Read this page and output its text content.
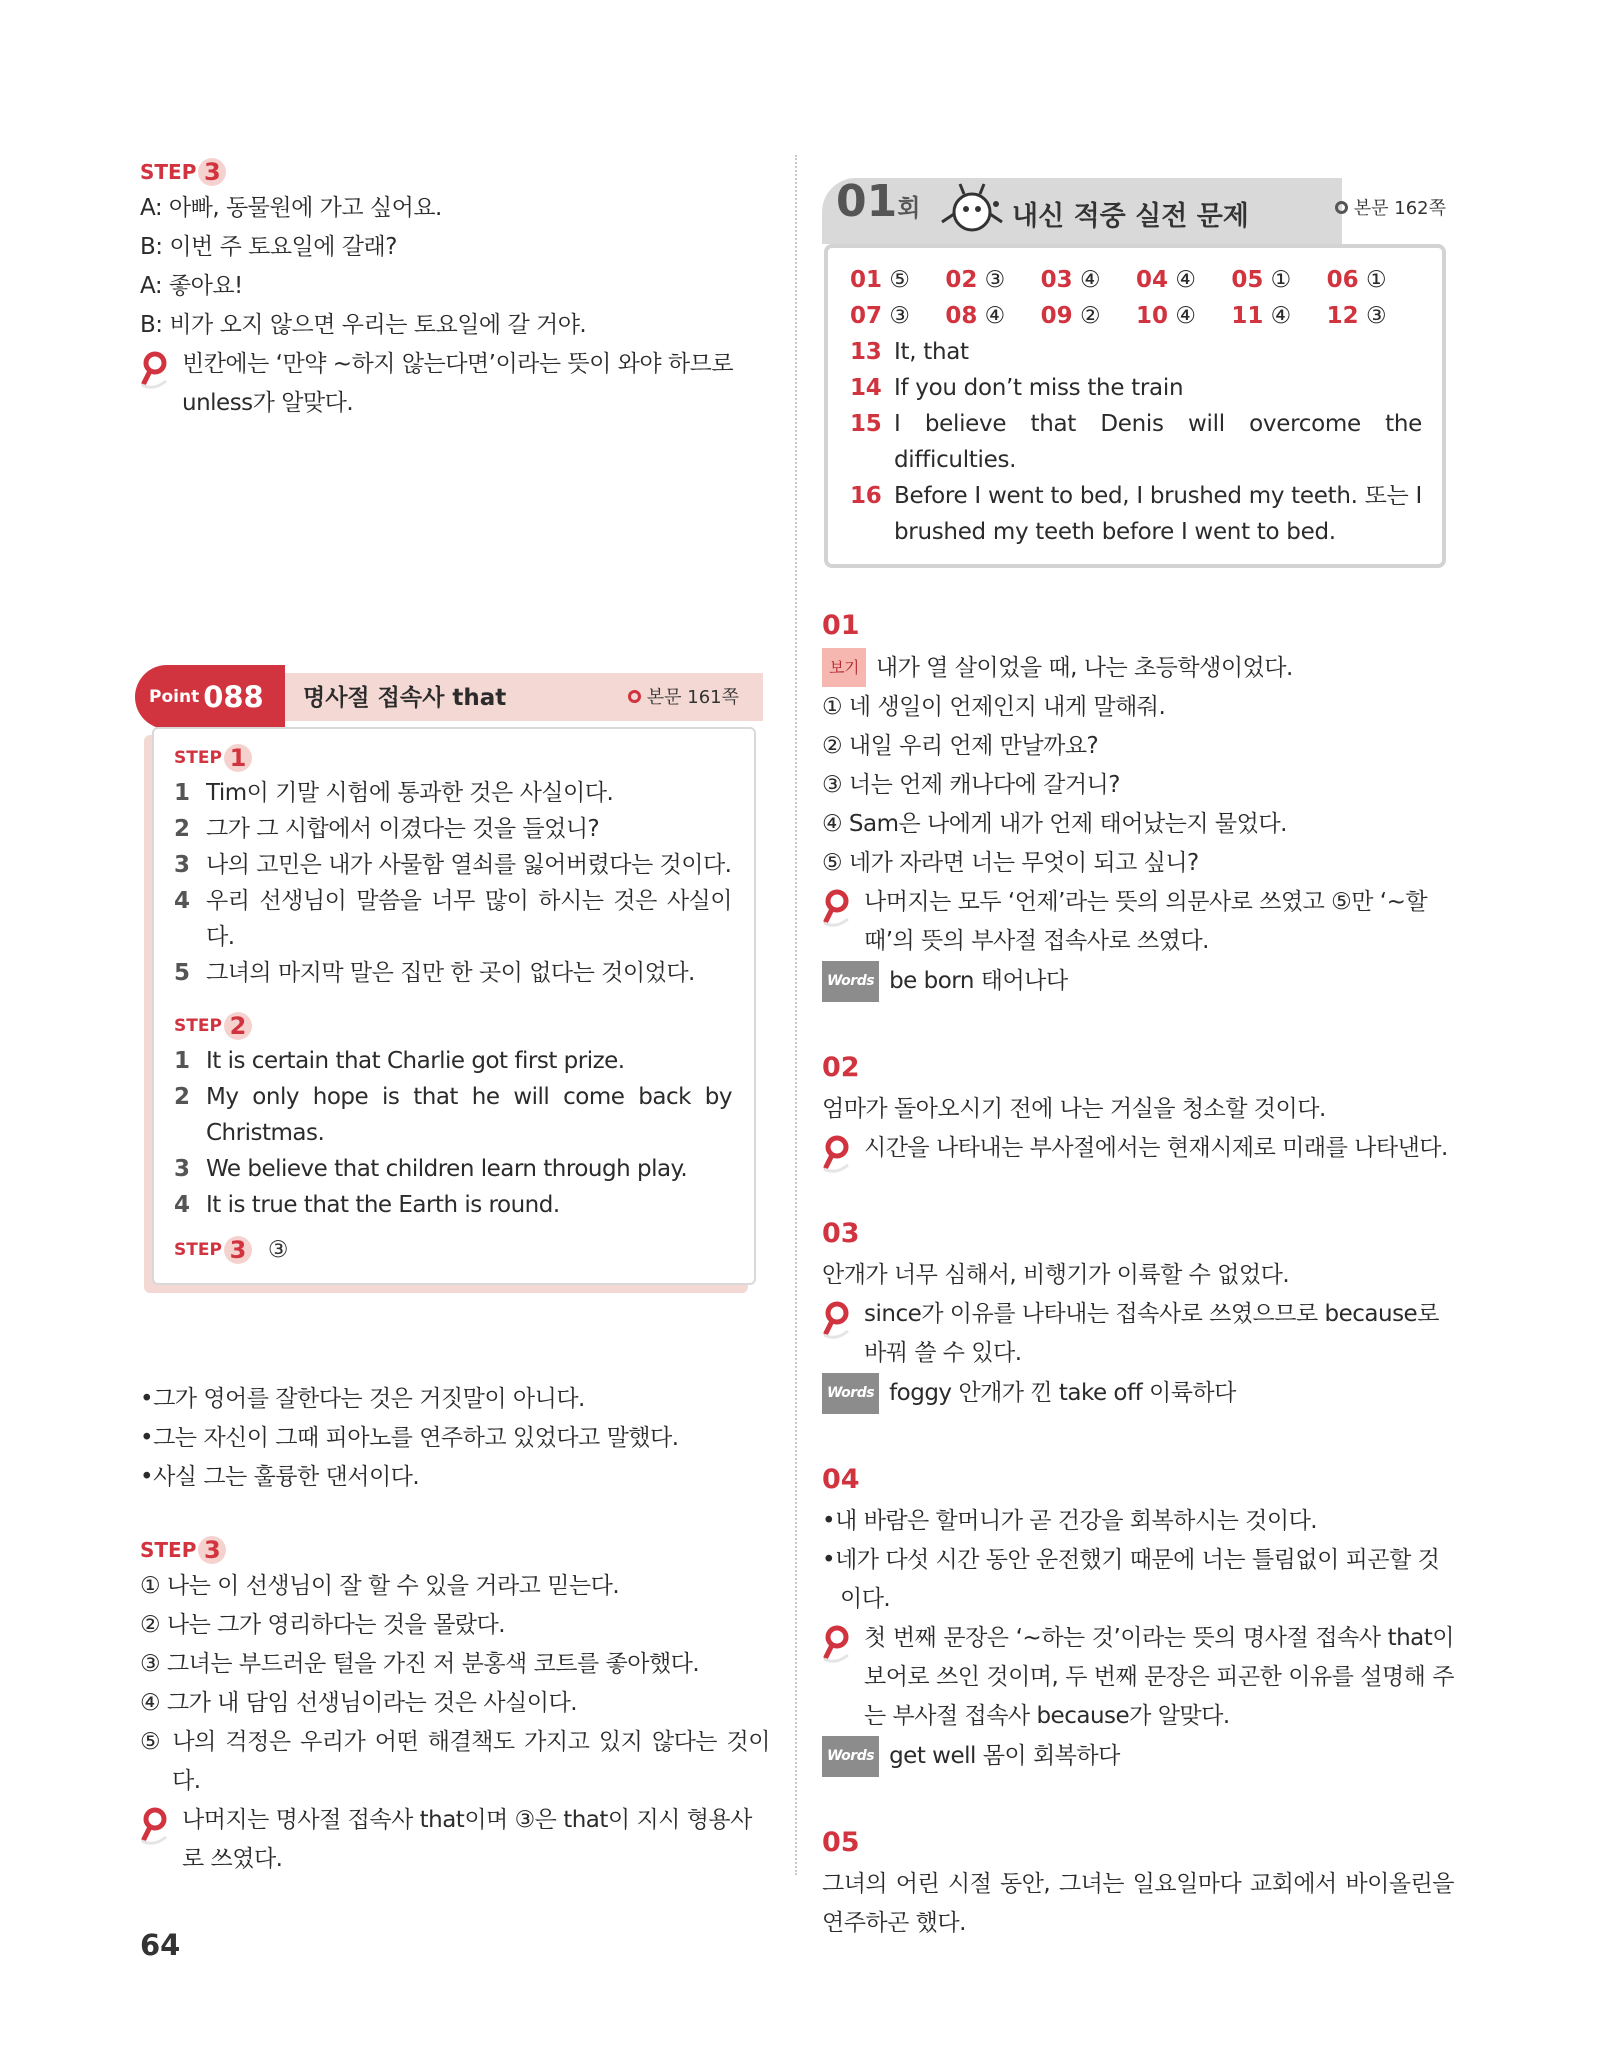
STEP 3
A: 아빠, 동물원에 가고 싶어요.
B: 이번 주 토요일에 갈래?
A: 좋아요!
B: 비가 오지 않으면 우리는 토요일에 갈 거야.
빈칸에는 ‘만약 ~하지 않는다면’이라는 뜻이 와야 하므로 unless가 알맞다.
Point 088 명사절 접속사 that	본문 161쪽
STEP 1
1 Tim이 기말 시험에 통과한 것은 사실이다.
2 그가 그 시합에서 이겼다는 것을 들었니?
3 나의 고민은 내가 사물함 열쇠를 잃어버렸다는 것이다.
4 우리 선생님이 말씀을 너무 많이 하시는 것은 사실이다.
5 그녀의 마지막 말은 집만 한 곳이 없다는 것이었다.
STEP 2
1 It is certain that Charlie got first prize.
2 My only hope is that he will come back by Christmas.
3 We believe that children learn through play.
4 It is true that the Earth is round.
STEP 3 ③
•그가 영어를 잘한다는 것은 거짓말이 아니다.
•그는 자신이 그때 피아노를 연주하고 있었다고 말했다.
•사실 그는 훌륭한 댄서이다.
STEP 3
① 나는 이 선생님이 잘 할 수 있을 거라고 믿는다.
② 나는 그가 영리하다는 것을 몰랐다.
③ 그녀는 부드러운 털을 가진 저 분홍색 코트를 좋아했다.
④ 그가 내 담임 선생님이라는 것은 사실이다.
⑤ 나의 걱정은 우리가 어떤 해결책도 가지고 있지 않다는 것이다.
나머지는 명사절 접속사 that이며 ③은 that이 지시 형용사로 쓰였다.
64
01회	내신 적중 실전 문제	본문 162쪽
01 ⑤	02 ③	03 ④	04 ④	05 ①	06 ①
07 ③	08 ④	09 ②	10 ④	11 ④	12 ③
13 It, that
14 If you don’t miss the train
15 I believe that Denis will overcome the difficulties.
16 Before I went to bed, I brushed my teeth. 또는 I brushed my teeth before I went to bed.
01
보기 내가 열 살이었을 때, 나는 초등학생이었다.
① 네 생일이 언제인지 내게 말해줘.
② 내일 우리 언제 만날까요?
③ 너는 언제 캐나다에 갈거니?
④ Sam은 나에게 내가 언제 태어났는지 물었다.
⑤ 네가 자라면 너는 무엇이 되고 싶니?
나머지는 모두 ‘언제’라는 뜻의 의문사로 쓰였고 ⑤만 ‘~할 때’의 뜻의 부사절 접속사로 쓰였다.
Words be born 태어나다
02
엄마가 돌아오시기 전에 나는 거실을 청소할 것이다.
시간을 나타내는 부사절에서는 현재시제로 미래를 나타낸다.
03
안개가 너무 심해서, 비행기가 이륙할 수 없었다.
since가 이유를 나타내는 접속사로 쓰였으므로 because로 바꿔 쓸 수 있다.
Words foggy 안개가 낀 take off 이륙하다
04
•내 바람은 할머니가 곧 건강을 회복하시는 것이다.
•네가 다섯 시간 동안 운전했기 때문에 너는 틀림없이 피곤할 것이다.
첫 번째 문장은 ‘~하는 것’이라는 뜻의 명사절 접속사 that이 보어로 쓰인 것이며, 두 번째 문장은 피곤한 이유를 설명해 주는 부사절 접속사 because가 알맞다.
Words get well 몸이 회복하다
05
그녀의 어린 시절 동안, 그녀는 일요일마다 교회에서 바이올린을 연주하곤 했다.
